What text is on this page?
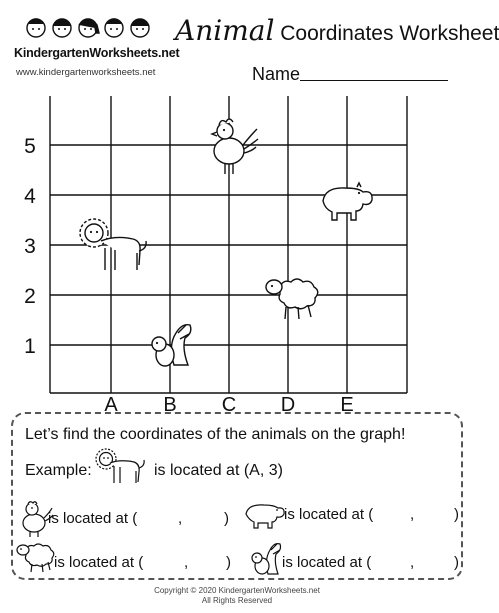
KindergartenWorksheets.net
www.kindergartenworksheets.net
Animal Coordinates Worksheet
Name
1
2
3
4
5
A B C D E
Let’s find the coordinates of the animals on the graph!
Example:	is located at (A, 3)
is located at (	,	)	is located at ( ,	)
is located at (	,	)	is located at (	,	)
Copyright © 2020 KindergartenWorksheets.net
All Rights Reserved
